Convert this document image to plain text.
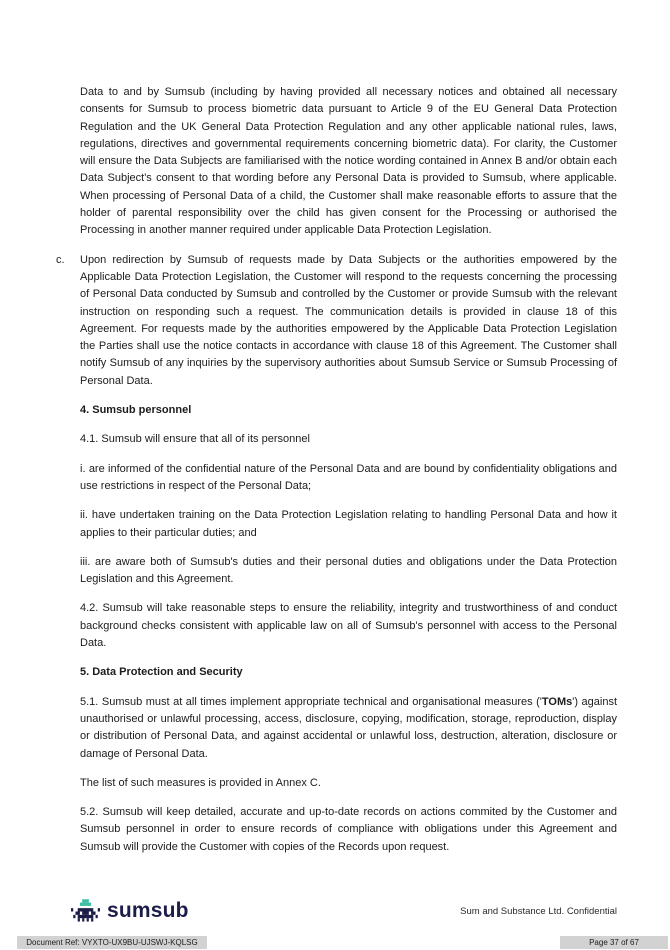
Data to and by Sumsub (including by having provided all necessary notices and obtained all necessary consents for Sumsub to process biometric data pursuant to Article 9 of the EU General Data Protection Regulation and the UK General Data Protection Regulation and any other applicable national rules, laws, regulations, directives and governmental requirements concerning biometric data). For clarity, the Customer will ensure the Data Subjects are familiarised with the notice wording contained in Annex B and/or obtain each Data Subject's consent to that wording before any Personal Data is provided to Sumsub, where applicable. When processing of Personal Data of a child, the Customer shall make reasonable efforts to assure that the holder of parental responsibility over the child has given consent for the Processing or authorised the Processing in another manner required under applicable Data Protection Legislation.

c. Upon redirection by Sumsub of requests made by Data Subjects or the authorities empowered by the Applicable Data Protection Legislation, the Customer will respond to the requests concerning the processing of Personal Data conducted by Sumsub and controlled by the Customer or provide Sumsub with the relevant instruction on responding such a request. The communication details is provided in clause 18 of this Agreement. For requests made by the authorities empowered by the Applicable Data Protection Legislation the Parties shall use the notice contacts in accordance with clause 18 of this Agreement. The Customer shall notify Sumsub of any inquiries by the supervisory authorities about Sumsub Service or Sumsub Processing of Personal Data.

4. Sumsub personnel

4.1. Sumsub will ensure that all of its personnel

i. are informed of the confidential nature of the Personal Data and are bound by confidentiality obligations and use restrictions in respect of the Personal Data;

ii. have undertaken training on the Data Protection Legislation relating to handling Personal Data and how it applies to their particular duties; and

iii. are aware both of Sumsub's duties and their personal duties and obligations under the Data Protection Legislation and this Agreement.

4.2. Sumsub will take reasonable steps to ensure the reliability, integrity and trustworthiness of and conduct background checks consistent with applicable law on all of Sumsub's personnel with access to the Personal Data.

5. Data Protection and Security

5.1. Sumsub must at all times implement appropriate technical and organisational measures ('TOMs') against unauthorised or unlawful processing, access, disclosure, copying, modification, storage, reproduction, display or distribution of Personal Data, and against accidental or unlawful loss, destruction, alteration, disclosure or damage of Personal Data.

The list of such measures is provided in Annex C.

5.2. Sumsub will keep detailed, accurate and up-to-date records on actions commited by the Customer and Sumsub personnel in order to ensure records of compliance with obligations under this Agreement and Sumsub will provide the Customer with copies of the Records upon request.

sumsub	Sum and Substance Ltd. Confidential
Document Ref: VYXTO-UX9BU-UJSWJ-KQLSG	Page 37 of 67
